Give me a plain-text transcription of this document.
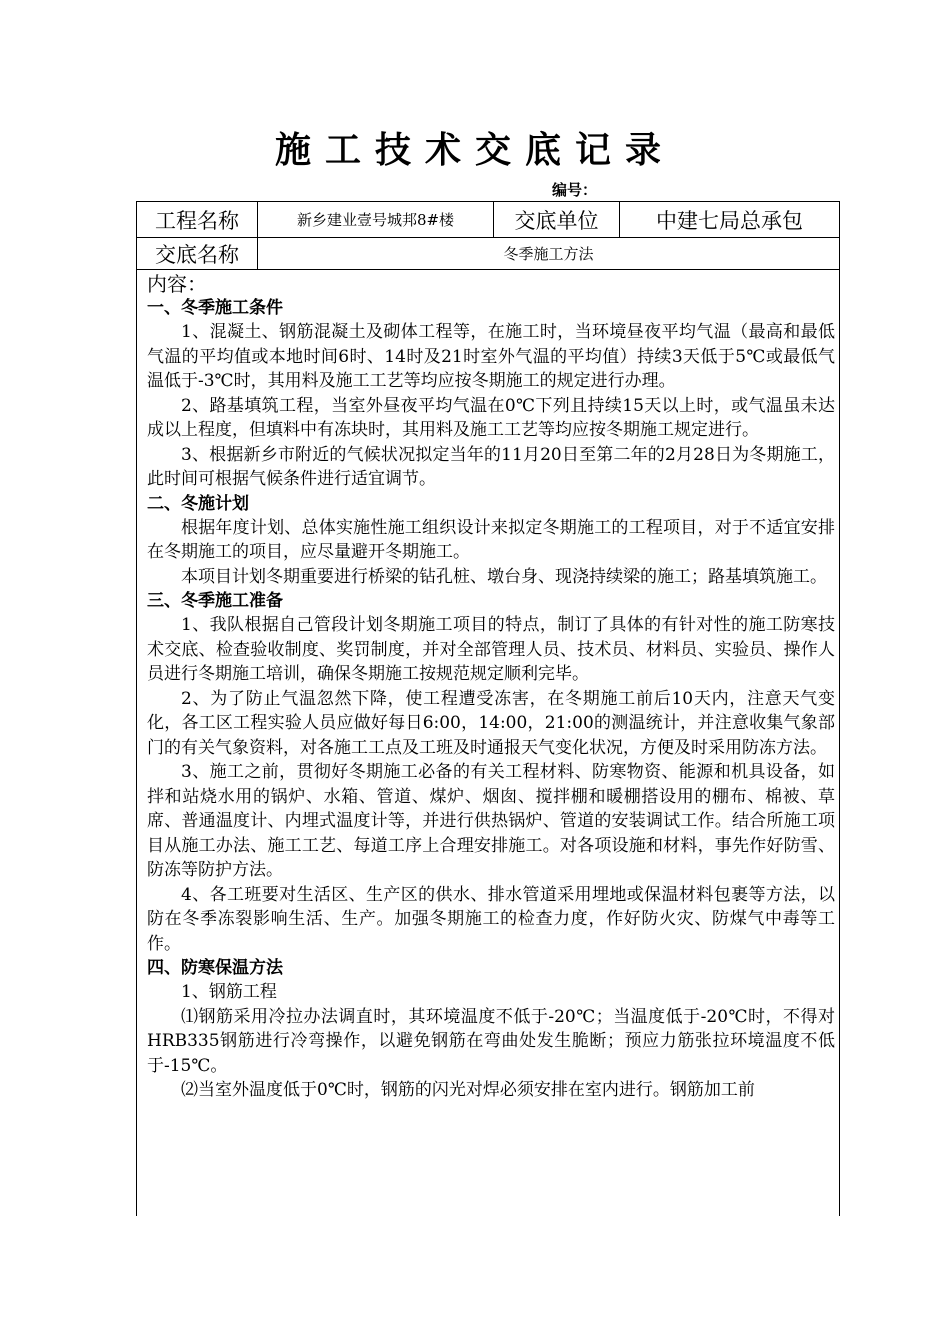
施工技术交底记录
编号：
工程名称	新乡建业壹号城邦8#楼	交底单位	中建七局总承包
交底名称	冬季施工方法
内容：
一、冬季施工条件

1、混凝土、钢筋混凝土及砌体工程等，在施工时，当环境昼夜平均气温（最高和最低气温的平均值或本地时间6时、14时及21时室外气温的平均值）持续3天低于5℃或最低气温低于-3℃时，其用料及施工工艺等均应按冬期施工的规定进行办理。

2、路基填筑工程，当室外昼夜平均气温在0℃下列且持续15天以上时，或气温虽未达成以上程度，但填料中有冻块时，其用料及施工工艺等均应按冬期施工规定进行。

3、根据新乡市附近的气候状况拟定当年的11月20日至第二年的2月28日为冬期施工，此时间可根据气候条件进行适宜调节。

二、冬施计划

根据年度计划、总体实施性施工组织设计来拟定冬期施工的工程项目，对于不适宜安排在冬期施工的项目，应尽量避开冬期施工。

本项目计划冬期重要进行桥梁的钻孔桩、墩台身、现浇持续梁的施工；路基填筑施工。

三、冬季施工准备

1、我队根据自己管段计划冬期施工项目的特点，制订了具体的有针对性的施工防寒技术交底、检查验收制度、奖罚制度，并对全部管理人员、技术员、材料员、实验员、操作人员进行冬期施工培训，确保冬期施工按规范规定顺利完毕。

2、为了防止气温忽然下降，使工程遭受冻害，在冬期施工前后10天内，注意天气变化，各工区工程实验人员应做好每日6:00，14:00，21:00的测温统计，并注意收集气象部门的有关气象资料，对各施工工点及工班及时通报天气变化状况，方便及时采用防冻方法。

3、施工之前，贯彻好冬期施工必备的有关工程材料、防寒物资、能源和机具设备，如拌和站烧水用的锅炉、水箱、管道、煤炉、烟囱、搅拌棚和暖棚搭设用的棚布、棉被、草席、普通温度计、内埋式温度计等，并进行供热锅炉、管道的安装调试工作。结合所施工项目从施工办法、施工工艺、每道工序上合理安排施工。对各项设施和材料，事先作好防雪、防冻等防护方法。

4、各工班要对生活区、生产区的供水、排水管道采用埋地或保温材料包裹等方法，以防在冬季冻裂影响生活、生产。加强冬期施工的检查力度，作好防火灾、防煤气中毒等工作。

四、防寒保温方法

1、钢筋工程

⑴钢筋采用冷拉办法调直时，其环境温度不低于-20℃；当温度低于-20℃时，不得对HRB335钢筋进行冷弯操作，以避免钢筋在弯曲处发生脆断；预应力筋张拉环境温度不低于-15℃。

⑵当室外温度低于0℃时，钢筋的闪光对焊必须安排在室内进行。钢筋加工前
